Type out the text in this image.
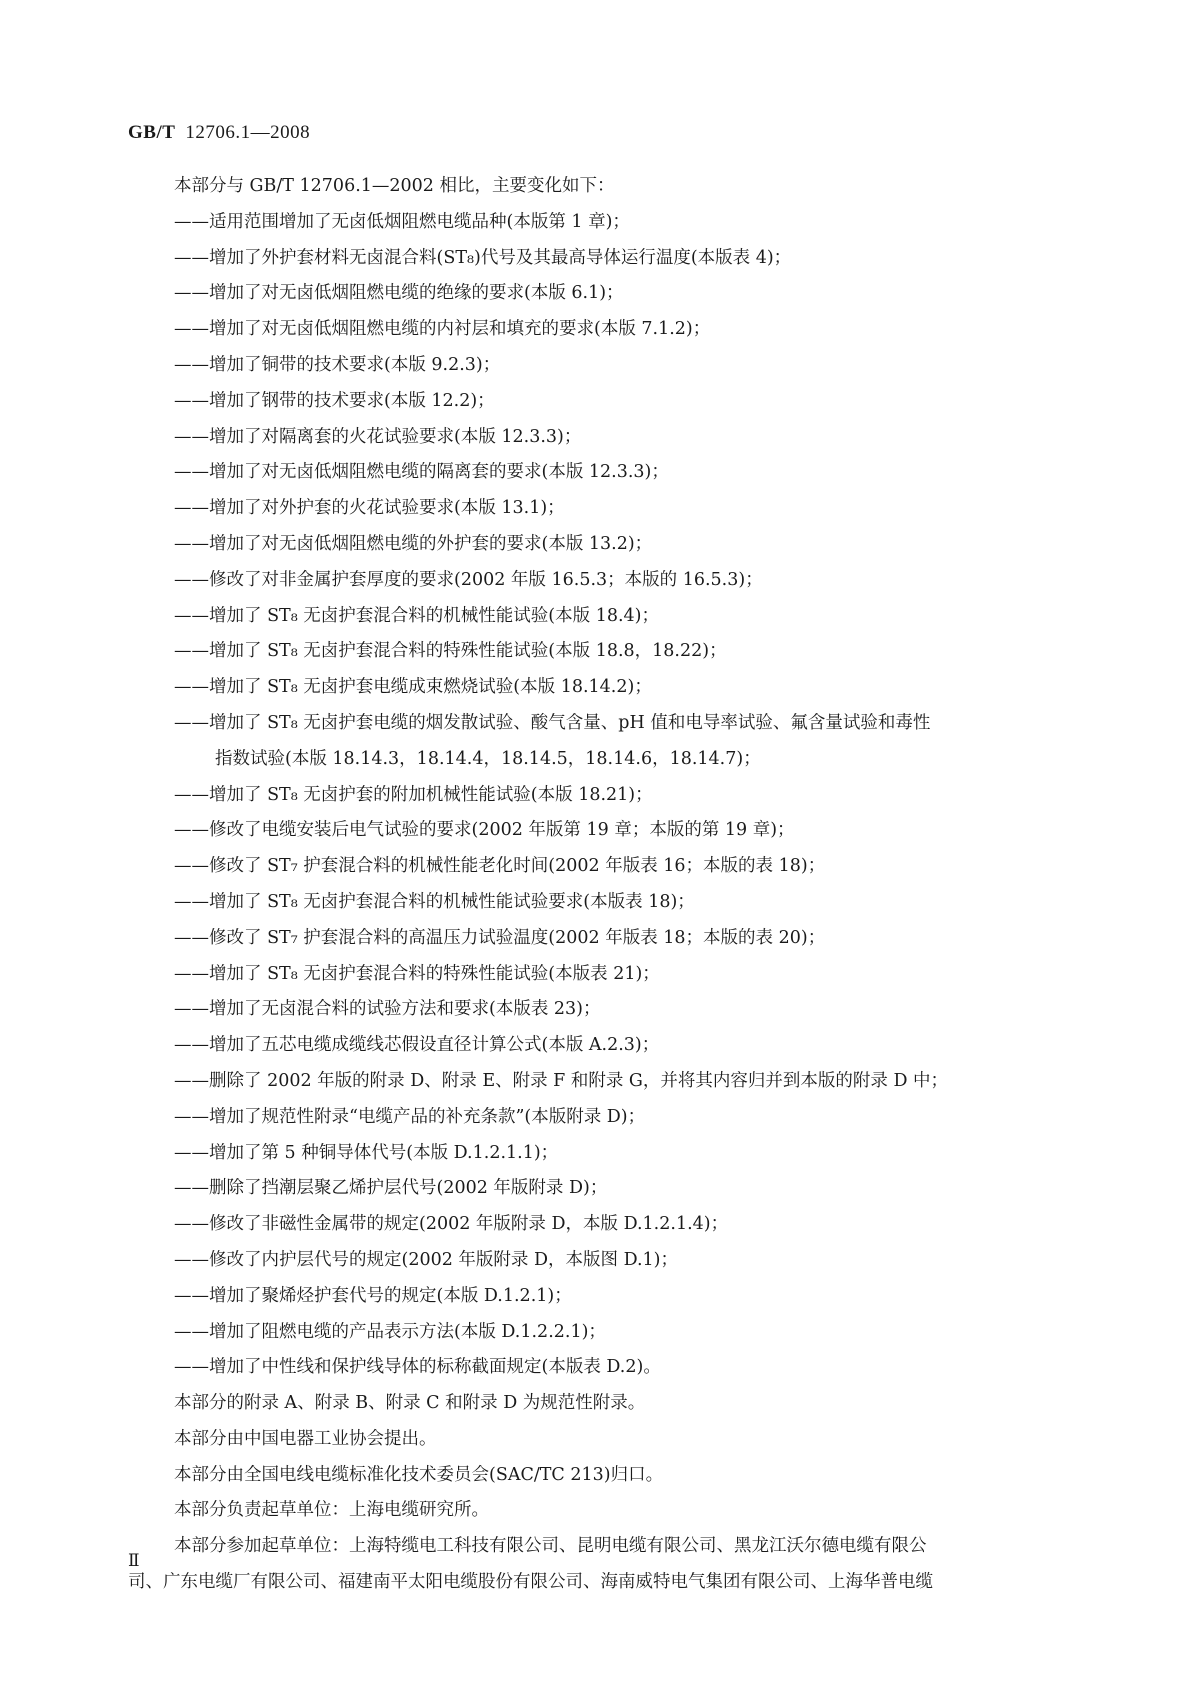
GB/T 12706.1—2008
本部分与 GB/T 12706.1—2002 相比，主要变化如下：
——适用范围增加了无卤低烟阻燃电缆品种(本版第 1 章)；
——增加了外护套材料无卤混合料(ST₈)代号及其最高导体运行温度(本版表 4)；
——增加了对无卤低烟阻燃电缆的绝缘的要求(本版 6.1)；
——增加了对无卤低烟阻燃电缆的内衬层和填充的要求(本版 7.1.2)；
——增加了铜带的技术要求(本版 9.2.3)；
——增加了钢带的技术要求(本版 12.2)；
——增加了对隔离套的火花试验要求(本版 12.3.3)；
——增加了对无卤低烟阻燃电缆的隔离套的要求(本版 12.3.3)；
——增加了对外护套的火花试验要求(本版 13.1)；
——增加了对无卤低烟阻燃电缆的外护套的要求(本版 13.2)；
——修改了对非金属护套厚度的要求(2002 年版 16.5.3；本版的 16.5.3)；
——增加了 ST₈ 无卤护套混合料的机械性能试验(本版 18.4)；
——增加了 ST₈ 无卤护套混合料的特殊性能试验(本版 18.8，18.22)；
——增加了 ST₈ 无卤护套电缆成束燃烧试验(本版 18.14.2)；
——增加了 ST₈ 无卤护套电缆的烟发散试验、酸气含量、pH 值和电导率试验、氟含量试验和毒性
指数试验(本版 18.14.3，18.14.4，18.14.5，18.14.6，18.14.7)；
——增加了 ST₈ 无卤护套的附加机械性能试验(本版 18.21)；
——修改了电缆安装后电气试验的要求(2002 年版第 19 章；本版的第 19 章)；
——修改了 ST₇ 护套混合料的机械性能老化时间(2002 年版表 16；本版的表 18)；
——增加了 ST₈ 无卤护套混合料的机械性能试验要求(本版表 18)；
——修改了 ST₇ 护套混合料的高温压力试验温度(2002 年版表 18；本版的表 20)；
——增加了 ST₈ 无卤护套混合料的特殊性能试验(本版表 21)；
——增加了无卤混合料的试验方法和要求(本版表 23)；
——增加了五芯电缆成缆线芯假设直径计算公式(本版 A.2.3)；
——删除了 2002 年版的附录 D、附录 E、附录 F 和附录 G，并将其内容归并到本版的附录 D 中；
——增加了规范性附录“电缆产品的补充条款”(本版附录 D)；
——增加了第 5 种铜导体代号(本版 D.1.2.1.1)；
——删除了挡潮层聚乙烯护层代号(2002 年版附录 D)；
——修改了非磁性金属带的规定(2002 年版附录 D，本版 D.1.2.1.4)；
——修改了内护层代号的规定(2002 年版附录 D，本版图 D.1)；
——增加了聚烯烃护套代号的规定(本版 D.1.2.1)；
——增加了阻燃电缆的产品表示方法(本版 D.1.2.2.1)；
——增加了中性线和保护线导体的标称截面规定(本版表 D.2)。
本部分的附录 A、附录 B、附录 C 和附录 D 为规范性附录。
本部分由中国电器工业协会提出。
本部分由全国电线电缆标准化技术委员会(SAC/TC 213)归口。
本部分负责起草单位：上海电缆研究所。
本部分参加起草单位：上海特缆电工科技有限公司、昆明电缆有限公司、黑龙江沃尔德电缆有限公
司、广东电缆厂有限公司、福建南平太阳电缆股份有限公司、海南威特电气集团有限公司、上海华普电缆
Ⅱ
